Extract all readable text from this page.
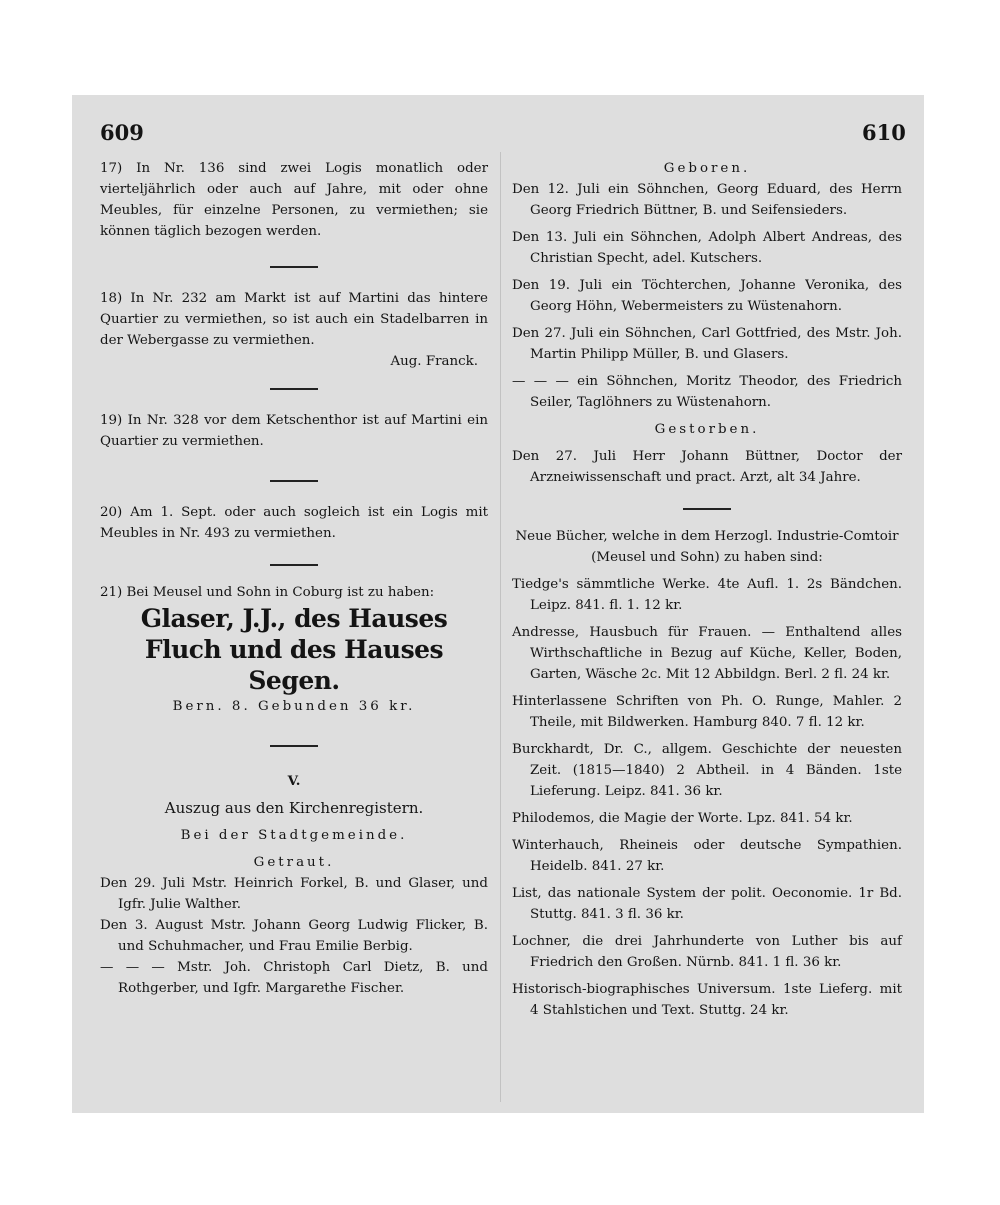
609	610

17) In Nr. 136 sind zwei Logis monatlich oder vierteljährlich oder auch auf Jahre, mit oder ohne Meubles, für einzelne Personen, zu vermiethen; sie können täglich bezogen werden.

18) In Nr. 232 am Markt ist auf Martini das hintere Quartier zu vermiethen, so ist auch ein Stadelbarren in der Webergasse zu vermiethen.

Aug. Franck.

19) In Nr. 328 vor dem Ketschenthor ist auf Martini ein Quartier zu vermiethen.

20) Am 1. Sept. oder auch sogleich ist ein Logis mit Meubles in Nr. 493 zu vermiethen.

21) Bei Meusel und Sohn in Coburg ist zu haben:

Glaser, J.J., des Hauses Fluch und des Hauses Segen.

Bern. 8. Gebunden 36 kr.

V.

Auszug aus den Kirchenregistern.

Bei der Stadtgemeinde.

Getraut.

Den 29. Juli Mstr. Heinrich Forkel, B. und Glaser, und Igfr. Julie Walther.

Den 3. August Mstr. Johann Georg Ludwig Flicker, B. und Schuhmacher, und Frau Emilie Berbig.

— — — Mstr. Joh. Christoph Carl Dietz, B. und Rothgerber, und Igfr. Margarethe Fischer.

Geboren.

Den 12. Juli ein Söhnchen, Georg Eduard, des Herrn Georg Friedrich Büttner, B. und Seifensieders.

Den 13. Juli ein Söhnchen, Adolph Albert Andreas, des Christian Specht, adel. Kutschers.

Den 19. Juli ein Töchterchen, Johanne Veronika, des Georg Höhn, Webermeisters zu Wüstenahorn.

Den 27. Juli ein Söhnchen, Carl Gottfried, des Mstr. Joh. Martin Philipp Müller, B. und Glasers.

— — — ein Söhnchen, Moritz Theodor, des Friedrich Seiler, Taglöhners zu Wüstenahorn.

Gestorben.

Den 27. Juli Herr Johann Büttner, Doctor der Arzneiwissenschaft und pract. Arzt, alt 34 Jahre.

Neue Bücher, welche in dem Herzogl. Industrie-Comtoir (Meusel und Sohn) zu haben sind:

Tiedge's sämmtliche Werke. 4te Aufl. 1. 2s Bändchen. Leipz. 841. fl. 1. 12 kr.

Andresse, Hausbuch für Frauen. — Enthaltend alles Wirthschaftliche in Bezug auf Küche, Keller, Boden, Garten, Wäsche 2c. Mit 12 Abbildgn. Berl. 2 fl. 24 kr.

Hinterlassene Schriften von Ph. O. Runge, Mahler. 2 Theile, mit Bildwerken. Hamburg 840. 7 fl. 12 kr.

Burckhardt, Dr. C., allgem. Geschichte der neuesten Zeit. (1815—1840) 2 Abtheil. in 4 Bänden. 1ste Lieferung. Leipz. 841. 36 kr.

Philodemos, die Magie der Worte. Lpz. 841. 54 kr.

Winterhauch, Rheineis oder deutsche Sympathien. Heidelb. 841. 27 kr.

List, das nationale System der polit. Oeconomie. 1r Bd. Stuttg. 841. 3 fl. 36 kr.

Lochner, die drei Jahrhunderte von Luther bis auf Friedrich den Großen. Nürnb. 841. 1 fl. 36 kr.

Historisch-biographisches Universum. 1ste Lieferg. mit 4 Stahlstichen und Text. Stuttg. 24 kr.
